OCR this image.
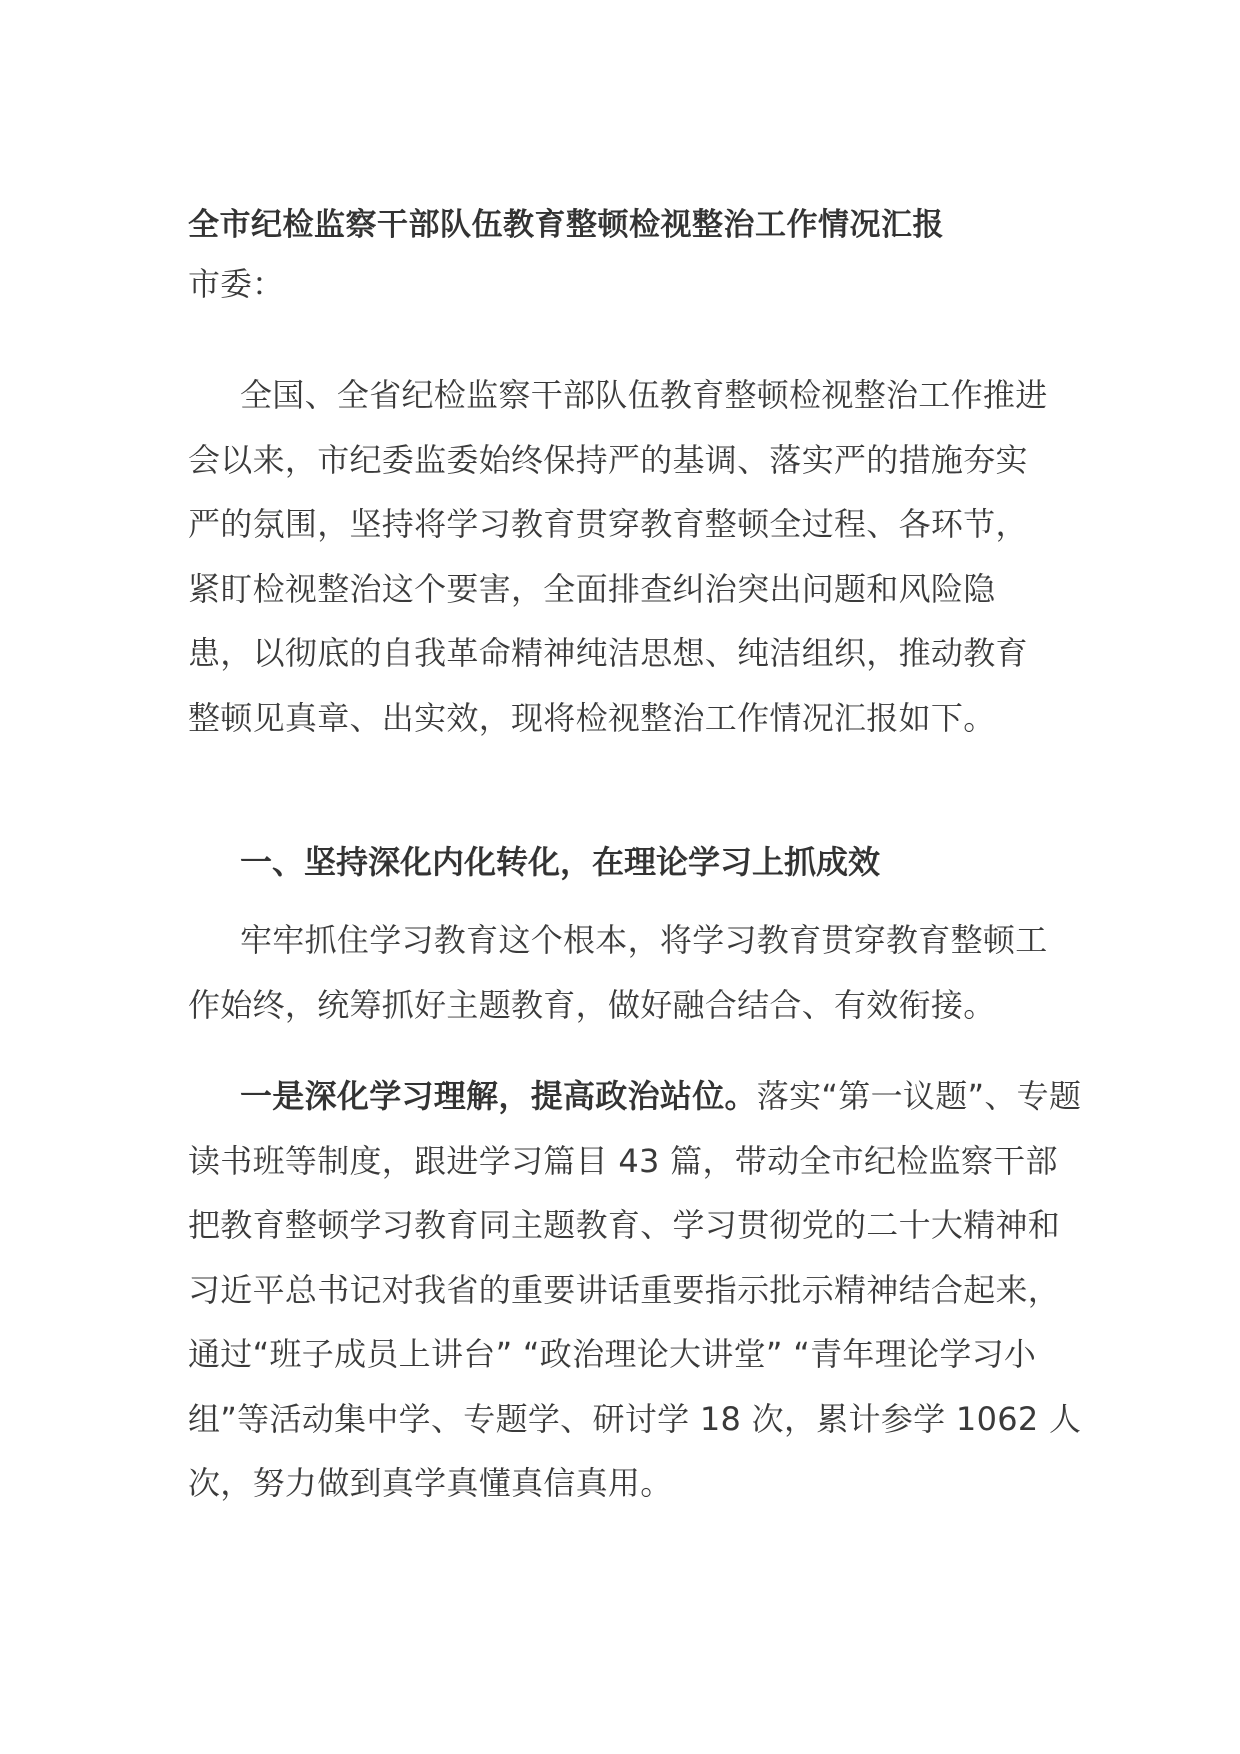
全市纪检监察干部队伍教育整顿检视整治工作情况汇报
市委：
全国、全省纪检监察干部队伍教育整顿检视整治工作推进会以来，市纪委监委始终保持严的基调、落实严的措施夯实严的氛围，坚持将学习教育贯穿教育整顿全过程、各环节，紧盯检视整治这个要害，全面排查纠治突出问题和风险隐患，以彻底的自我革命精神纯洁思想、纯洁组织，推动教育整顿见真章、出实效，现将检视整治工作情况汇报如下。
一、坚持深化内化转化，在理论学习上抓成效
牢牢抓住学习教育这个根本，将学习教育贯穿教育整顿工作始终，统筹抓好主题教育，做好融合结合、有效衔接。
一是深化学习理解，提高政治站位。落实“第一议题”、专题读书班等制度，跟进学习篇目 43 篇，带动全市纪检监察干部把教育整顿学习教育同主题教育、学习贯彻党的二十大精神和习近平总书记对我省的重要讲话重要指示批示精神结合起来，通过“班子成员上讲台” “政治理论大讲堂” “青年理论学习小组”等活动集中学、专题学、研讨学 18 次，累计参学 1062 人次，努力做到真学真懂真信真用。
